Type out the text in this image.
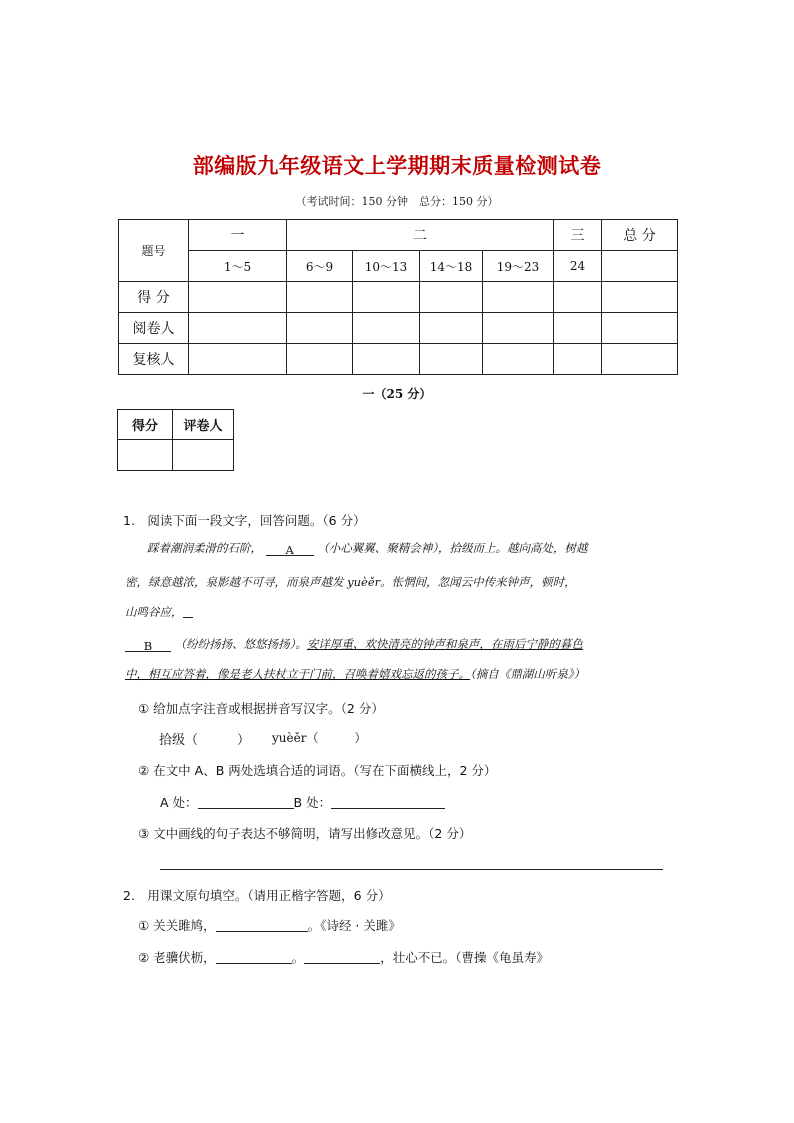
部编版九年级语文上学期期末质量检测试卷
（考试时间：150 分钟　总分：150 分）
题号	一	二				三	总 分
	1～5	6～9	10～13	14～18	19～23	24	
得 分							
阅卷人							
复核人							
一（25 分）
得分	评卷人

1.　阅读下面一段文字，回答问题。（6 分）
踩着潮润柔滑的石阶， A （小心翼翼、聚精会神），拾级而上。越向高处，树越
密，绿意越浓，泉影越不可寻，而泉声越发 yuèěr。怅惘间，忽闻云中传来钟声，顿时，
山鸣谷应，
B （纷纷扬扬、悠悠扬扬）。安详厚重、欢快清亮的钟声和泉声，在雨后宁静的暮色
中，相互应答着，像是老人扶杖立于门前，召唤着嬉戏忘返的孩子。（摘自《鼎湖山听泉》）
① 给加点字注音或根据拼音写汉字。（2 分）
拾级（　　　） yuèěr（　　　）
② 在文中 A、B 两处选填合适的词语。（写在下面横线上，2 分）
A 处：	B 处：
③ 文中画线的句子表达不够简明，请写出修改意见。（2 分）
2.　用课文原句填空。（请用正楷字答题，6 分）
① 关关雎鸠，	。《诗经 · 关雎》
② 老骥伏枥，	。	，壮心不已。（曹操《龟虽寿》
